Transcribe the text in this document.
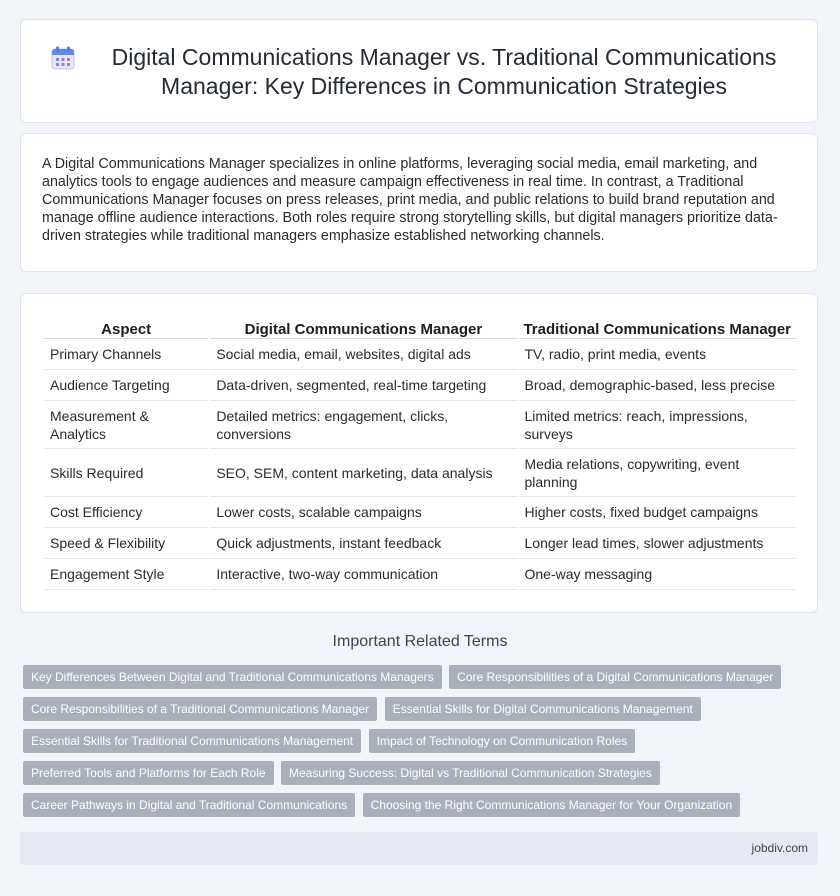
Digital Communications Manager vs. Traditional Communications Manager: Key Differences in Communication Strategies

A Digital Communications Manager specializes in online platforms, leveraging social media, email marketing, and analytics tools to engage audiences and measure campaign effectiveness in real time. In contrast, a Traditional Communications Manager focuses on press releases, print media, and public relations to build brand reputation and manage offline audience interactions. Both roles require strong storytelling skills, but digital managers prioritize data-driven strategies while traditional managers emphasize established networking channels.

Aspect	Digital Communications Manager	Traditional Communications Manager
Primary Channels	Social media, email, websites, digital ads	TV, radio, print media, events
Audience Targeting	Data-driven, segmented, real-time targeting	Broad, demographic-based, less precise
Measurement & Analytics	Detailed metrics: engagement, clicks, conversions	Limited metrics: reach, impressions, surveys
Skills Required	SEO, SEM, content marketing, data analysis	Media relations, copywriting, event planning
Cost Efficiency	Lower costs, scalable campaigns	Higher costs, fixed budget campaigns
Speed & Flexibility	Quick adjustments, instant feedback	Longer lead times, slower adjustments
Engagement Style	Interactive, two-way communication	One-way messaging
Important Related Terms
Key Differences Between Digital and Traditional Communications Managers Core Responsibilities of a Digital Communications Manager Core Responsibilities of a Traditional Communications Manager Essential Skills for Digital Communications Management Essential Skills for Traditional Communications Management Impact of Technology on Communication Roles Preferred Tools and Platforms for Each Role Measuring Success: Digital vs Traditional Communication Strategies Career Pathways in Digital and Traditional Communications Choosing the Right Communications Manager for Your Organization
jobdiv.com
